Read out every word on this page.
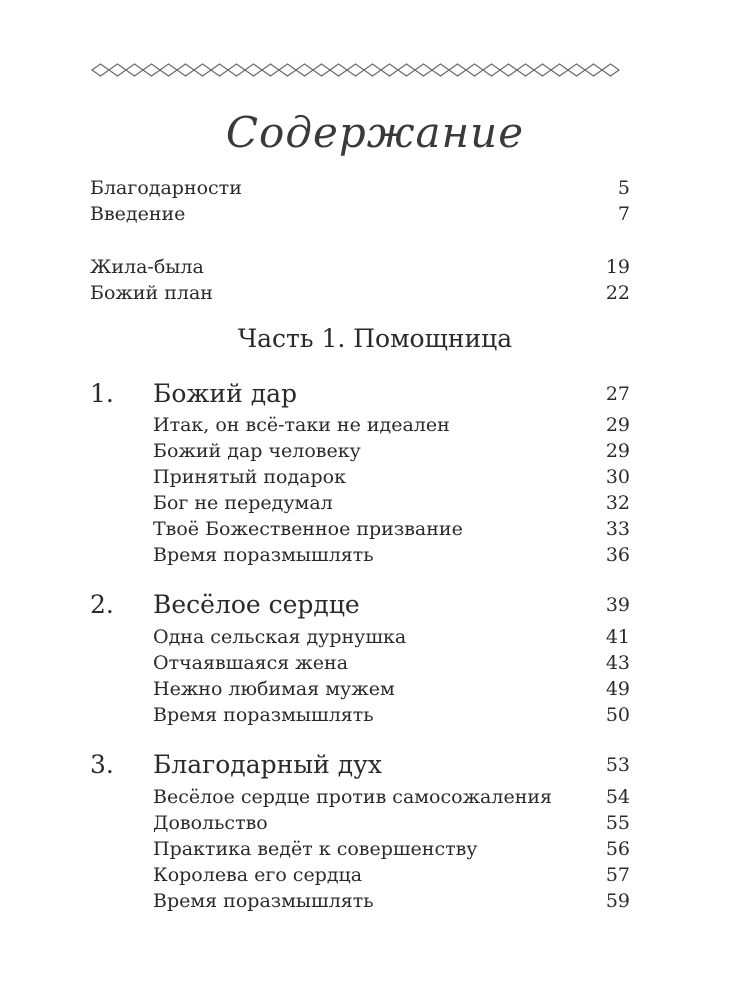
Содержание
Благодарности	5
Введение	7
Жила-была	19
Божий план	22
Часть 1. Помощница
1. Божий дар	27
Итак, он всё-таки не идеален	29
Божий дар человеку	29
Принятый подарок	30
Бог не передумал	32
Твоё Божественное призвание	33
Время поразмышлять	36
2. Весёлое сердце	39
Одна сельская дурнушка	41
Отчаявшаяся жена	43
Нежно любимая мужем	49
Время поразмышлять	50
3. Благодарный дух	53
Весёлое сердце против самосожаления	54
Довольство	55
Практика ведёт к совершенству	56
Королева его сердца	57
Время поразмышлять	59
